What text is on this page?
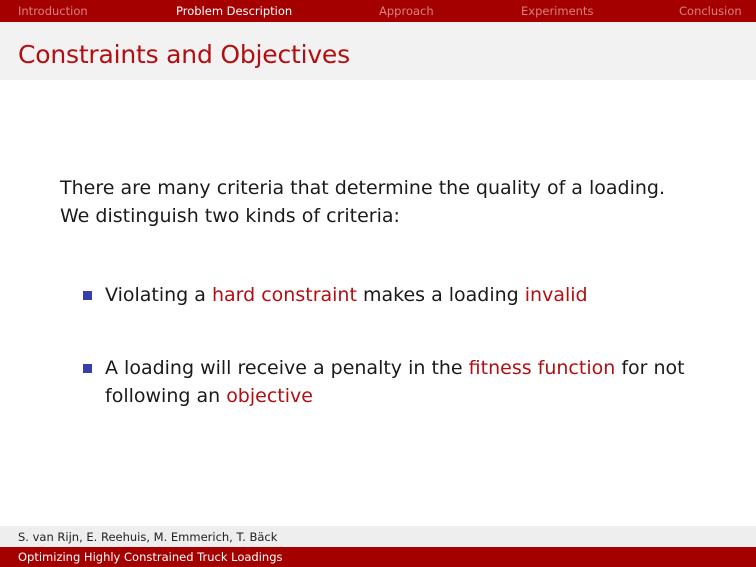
Introduction	Problem Description	Approach	Experiments	Conclusion
Constraints and Objectives
There are many criteria that determine the quality of a loading.
We distinguish two kinds of criteria:
Violating a hard constraint makes a loading invalid
A loading will receive a penalty in the fitness function for not
following an objective
S. van Rijn, E. Reehuis, M. Emmerich, T. Bäck
Optimizing Highly Constrained Truck Loadings
